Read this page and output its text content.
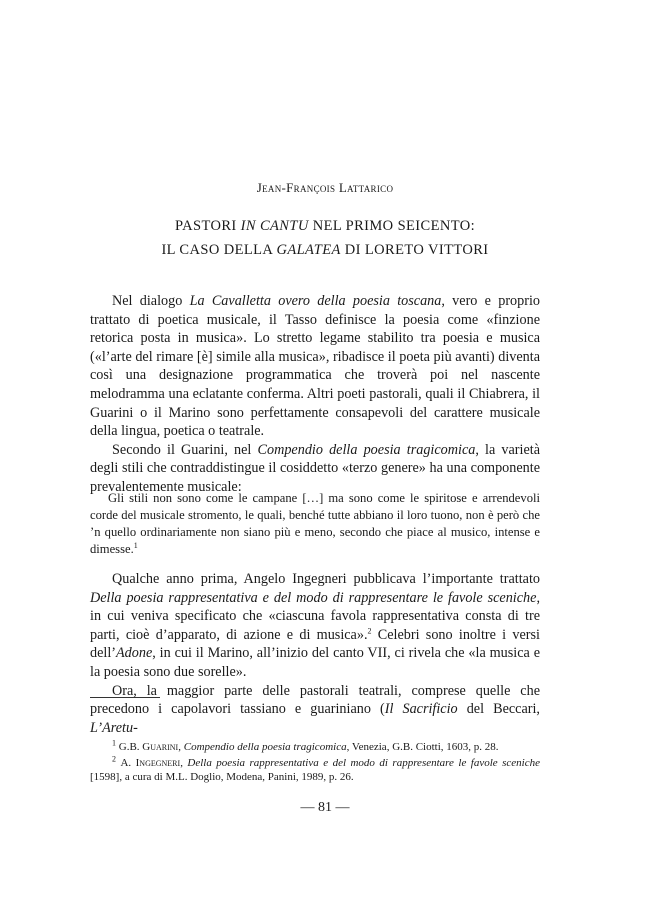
Jean-François Lattarico
PASTORI IN CANTU NEL PRIMO SEICENTO:
IL CASO DELLA GALATEA DI LORETO VITTORI

Nel dialogo La Cavalletta overo della poesia toscana, vero e proprio trattato di poetica musicale, il Tasso definisce la poesia come «finzione retorica posta in musica». Lo stretto legame stabilito tra poesia e musica («l’arte del rimare [è] simile alla musica», ribadisce il poeta più avanti) diventa così una designazione programmatica che troverà poi nel nascente melodramma una eclatante conferma. Altri poeti pastorali, quali il Chiabrera, il Guarini o il Marino sono perfettamente consapevoli del carattere musicale della lingua, poetica o teatrale.

Secondo il Guarini, nel Compendio della poesia tragicomica, la varietà degli stili che contraddistingue il cosiddetto «terzo genere» ha una componente prevalentemente musicale:

Gli stili non sono come le campane […] ma sono come le spiritose e arrendevoli corde del musicale stromento, le quali, benché tutte abbiano il loro tuono, non è però che ’n quello ordinariamente non siano più e meno, secondo che piace al musico, intense e dimesse.$^1$

Qualche anno prima, Angelo Ingegneri pubblicava l’importante trattato Della poesia rappresentativa e del modo di rappresentare le favole sceniche, in cui veniva specificato che «ciascuna favola rappresentativa consta di tre parti, cioè d’apparato, di azione e di musica».$^2$ Celebri sono inoltre i versi dell’Adone, in cui il Marino, all’inizio del canto VII, ci rivela che «la musica e la poesia sono due sorelle».

Ora, la maggior parte delle pastorali teatrali, comprese quelle che precedono i capolavori tassiano e guariniano (Il Sacrificio del Beccari, L’Aretu-

$^1$ G.B. Guarini, Compendio della poesia tragicomica, Venezia, G.B. Ciotti, 1603, p. 28.

$^2$ A. Ingegneri, Della poesia rappresentativa e del modo di rappresentare le favole sceniche [1598], a cura di M.L. Doglio, Modena, Panini, 1989, p. 26.

— 81 —
